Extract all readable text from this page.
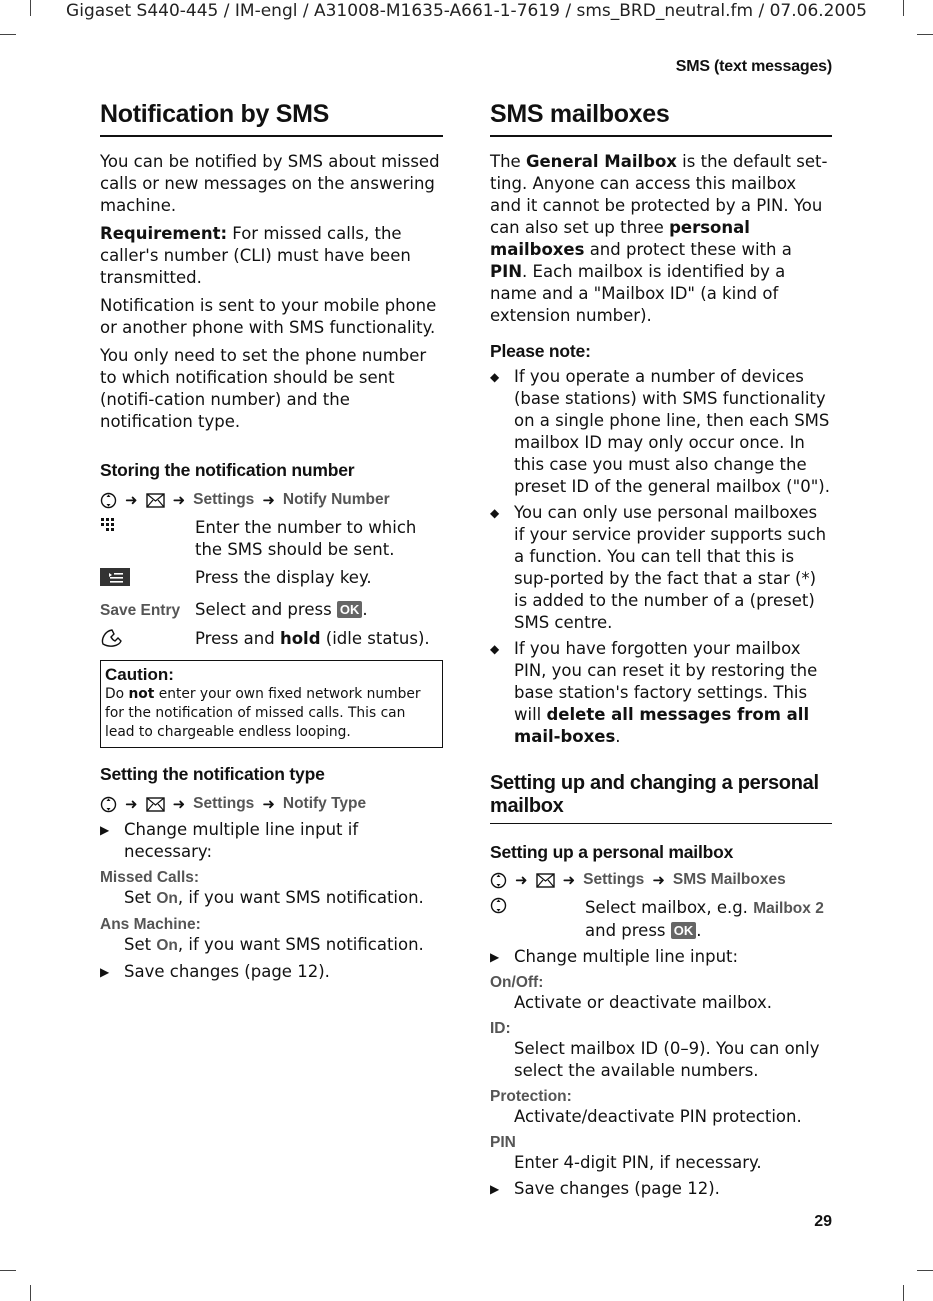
Gigaset S440-445 / IM-engl / A31008-M1635-A661-1-7619 / sms_BRD_neutral.fm / 07.06.2005
SMS (text messages)
29
Notification by SMS

You can be notified by SMS about missed calls or new messages on the answering machine.

Requirement: For missed calls, the caller's number (CLI) must have been transmitted.

Notification is sent to your mobile phone or another phone with SMS functionality.

You only need to set the phone number to which notification should be sent (notifi-cation number) and the notification type.

Storing the notification number
➜ ➜ Settings ➜ Notify Number
Enter the number to which the SMS should be sent.
Press the display key.
Save Entry Select and press OK .
Press and hold (idle status).
Caution:
Do not enter your own fixed network number for the notification of missed calls. This can lead to chargeable endless looping.
Setting the notification type
➜ ➜ Settings ➜ Notify Type
▶ Change multiple line input if necessary:
Missed Calls:
Set On, if you want SMS notification.
Ans Machine:
Set On, if you want SMS notification.
▶ Save changes (page 12).
SMS mailboxes

The General Mailbox is the default set-ting. Anyone can access this mailbox and it cannot be protected by a PIN. You can also set up three personal mailboxes and protect these with a PIN. Each mailbox is identified by a name and a "Mailbox ID" (a kind of extension number).

Please note:
◆ If you operate a number of devices (base stations) with SMS functionality on a single phone line, then each SMS mailbox ID may only occur once. In this case you must also change the preset ID of the general mailbox ("0").
◆ You can only use personal mailboxes if your service provider supports such a function. You can tell that this is sup-ported by the fact that a star (*) is added to the number of a (preset) SMS centre.
◆ If you have forgotten your mailbox PIN, you can reset it by restoring the base station's factory settings. This will delete all messages from all mail-boxes.
Setting up and changing a personal mailbox
Setting up a personal mailbox
➜ ➜ Settings ➜ SMS Mailboxes
Select mailbox, e.g. Mailbox 2 and press OK .
▶ Change multiple line input:
On/Off:
Activate or deactivate mailbox.
ID:
Select mailbox ID (0–9). You can only select the available numbers.
Protection:
Activate/deactivate PIN protection.
PIN
Enter 4-digit PIN, if necessary.
▶ Save changes (page 12).
